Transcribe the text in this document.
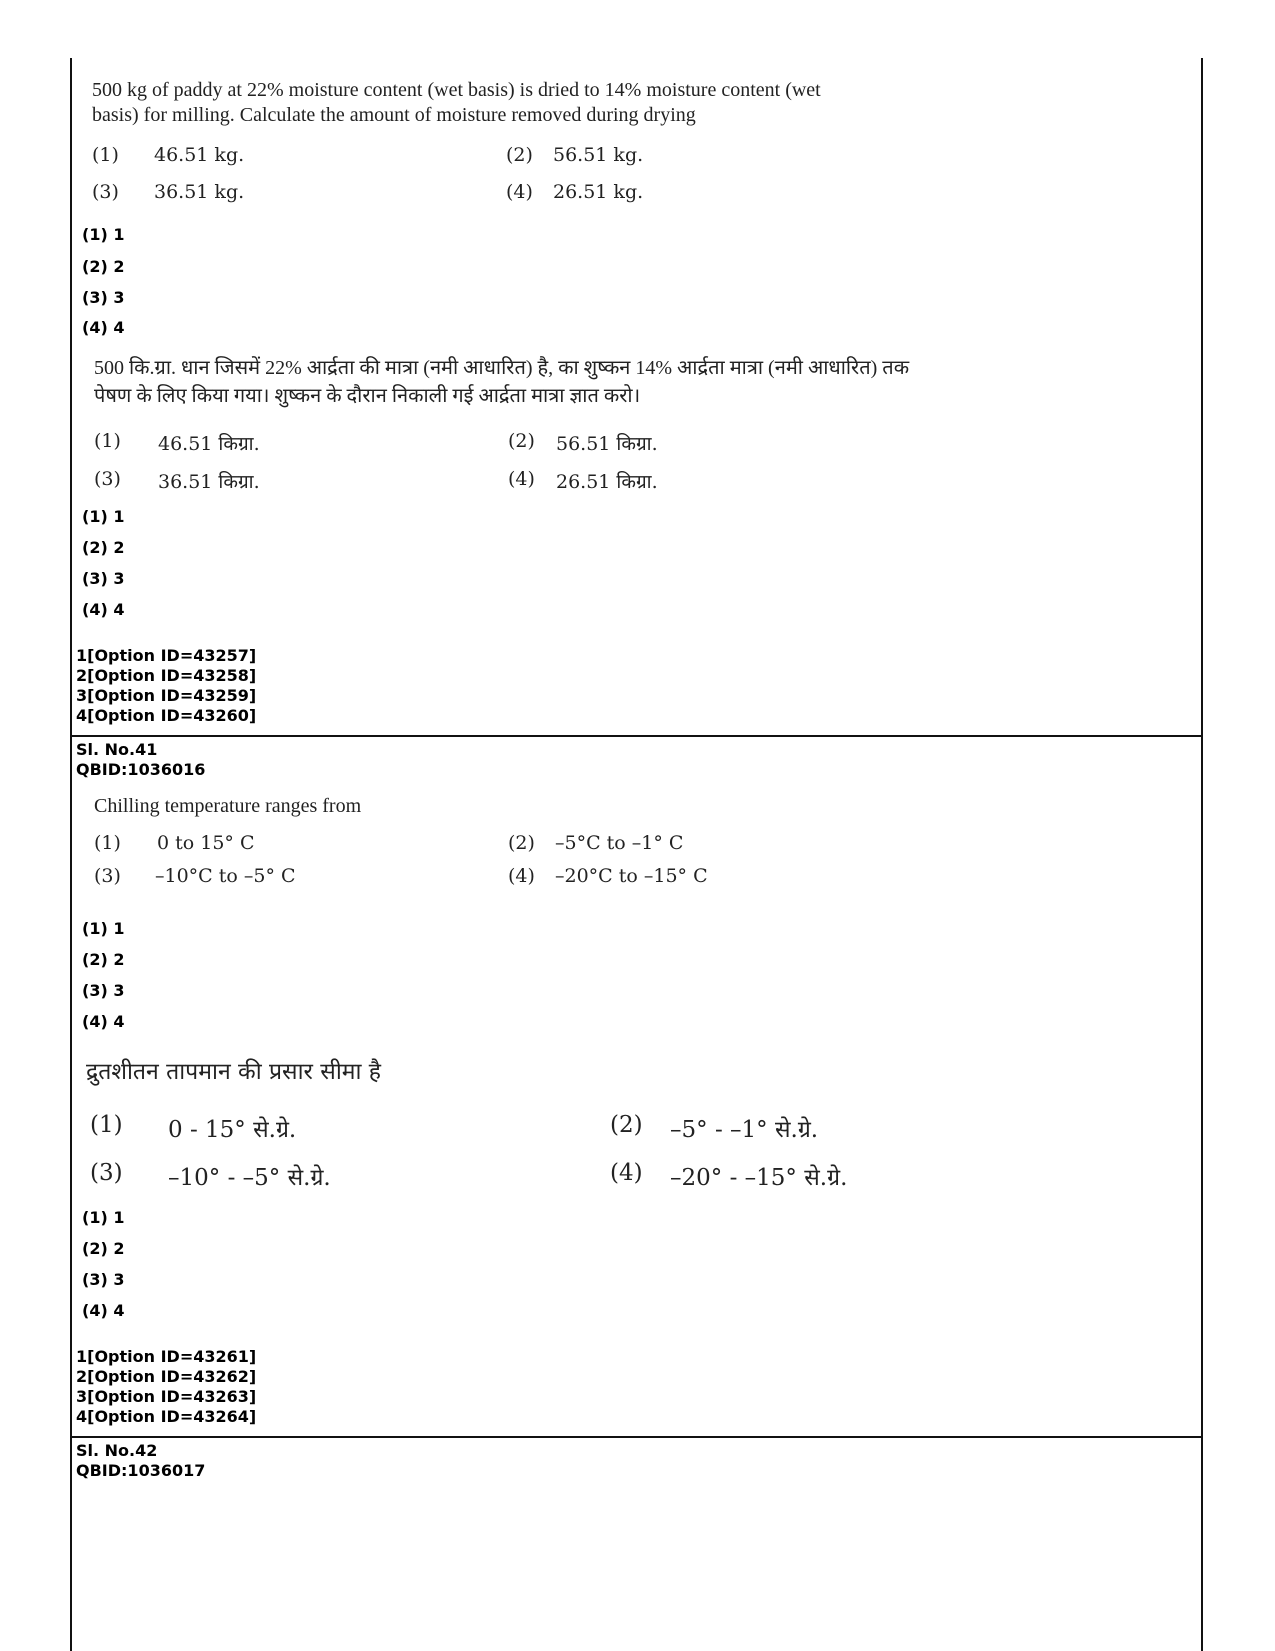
500 kg of paddy at 22% moisture content (wet basis) is dried to 14% moisture content (wet
basis) for milling. Calculate the amount of moisture removed during drying
(1) 46.51 kg.	(2) 56.51 kg.
(3) 36.51 kg.	(4) 26.51 kg.
(1) 1
(2) 2
(3) 3
(4) 4
500 कि.ग्रा. धान जिसमें 22% आर्द्रता की मात्रा (नमी आधारित) है, का शुष्कन 14% आर्द्रता मात्रा (नमी आधारित) तक
पेषण के लिए किया गया। शुष्कन के दौरान निकाली गई आर्द्रता मात्रा ज्ञात करो।
(1) 46.51 किग्रा.	(2) 56.51 किग्रा.
(3) 36.51 किग्रा.	(4) 26.51 किग्रा.
(1) 1
(2) 2
(3) 3
(4) 4
1[Option ID=43257]
2[Option ID=43258]
3[Option ID=43259]
4[Option ID=43260]
Sl. No.41
QBID:1036016
Chilling temperature ranges from
(1) 0 to 15° C	(2) –5°C to –1° C
(3) –10°C to –5° C	(4) –20°C to –15° C
(1) 1
(2) 2
(3) 3
(4) 4
द्रुतशीतन तापमान की प्रसार सीमा है
(1) 0 - 15° से.ग्रे.	(2) –5° - –1° से.ग्रे.
(3) –10° - –5° से.ग्रे.	(4) –20° - –15° से.ग्रे.
(1) 1
(2) 2
(3) 3
(4) 4
1[Option ID=43261]
2[Option ID=43262]
3[Option ID=43263]
4[Option ID=43264]
Sl. No.42
QBID:1036017
